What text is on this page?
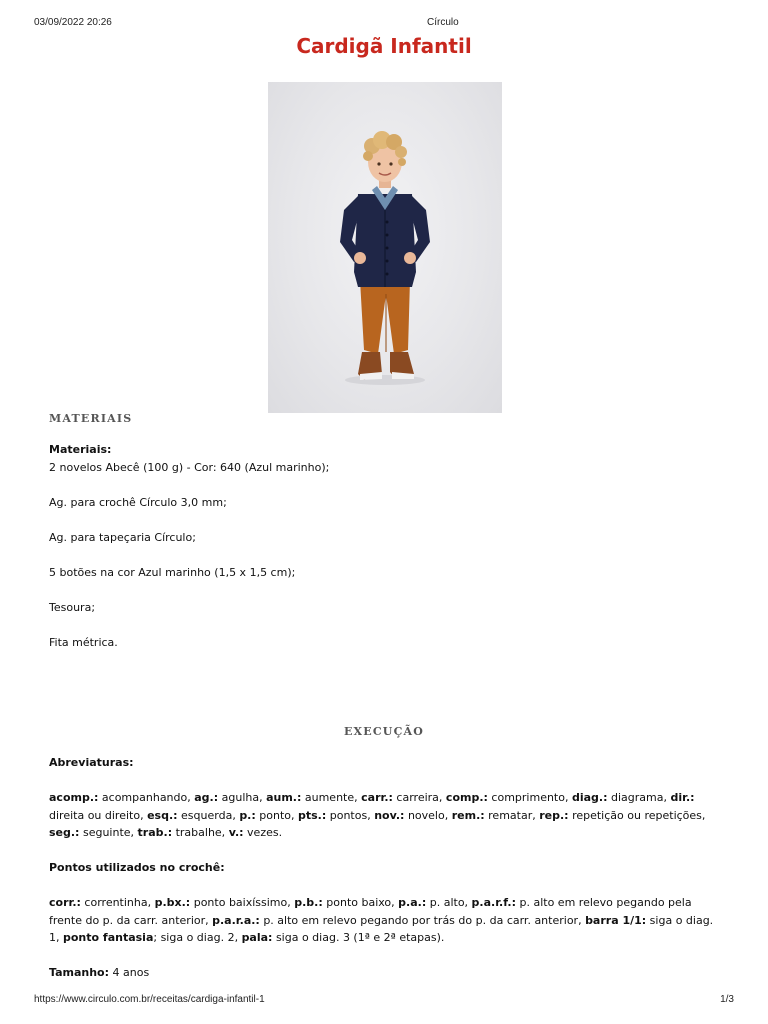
03/09/2022 20:26	Círculo
Cardigã Infantil
MATERIAIS

Materiais:

2 novelos Abecê (100 g) - Cor: 640 (Azul marinho);

Ag. para crochê Círculo 3,0 mm;

Ag. para tapeçaria Círculo;

5 botões na cor Azul marinho (1,5 x 1,5 cm);

Tesoura;

Fita métrica.

EXECUÇÃO

Abreviaturas:

acomp.: acompanhando, ag.: agulha, aum.: aumente, carr.: carreira, comp.: comprimento, diag.: diagrama, dir.: direita ou direito, esq.: esquerda, p.: ponto, pts.: pontos, nov.: novelo, rem.: rematar, rep.: repetição ou repetições, seg.: seguinte, trab.: trabalhe, v.: vezes.

Pontos utilizados no crochê:

corr.: correntinha, p.bx.: ponto baixíssimo, p.b.: ponto baixo, p.a.: p. alto, p.a.r.f.: p. alto em relevo pegando pela frente do p. da carr. anterior, p.a.r.a.: p. alto em relevo pegando por trás do p. da carr. anterior, barra 1/1: siga o diag. 1, ponto fantasia; siga o diag. 2, pala: siga o diag. 3 (1ª e 2ª etapas).

Tamanho: 4 anos

https://www.circulo.com.br/receitas/cardiga-infantil-1	1/3
